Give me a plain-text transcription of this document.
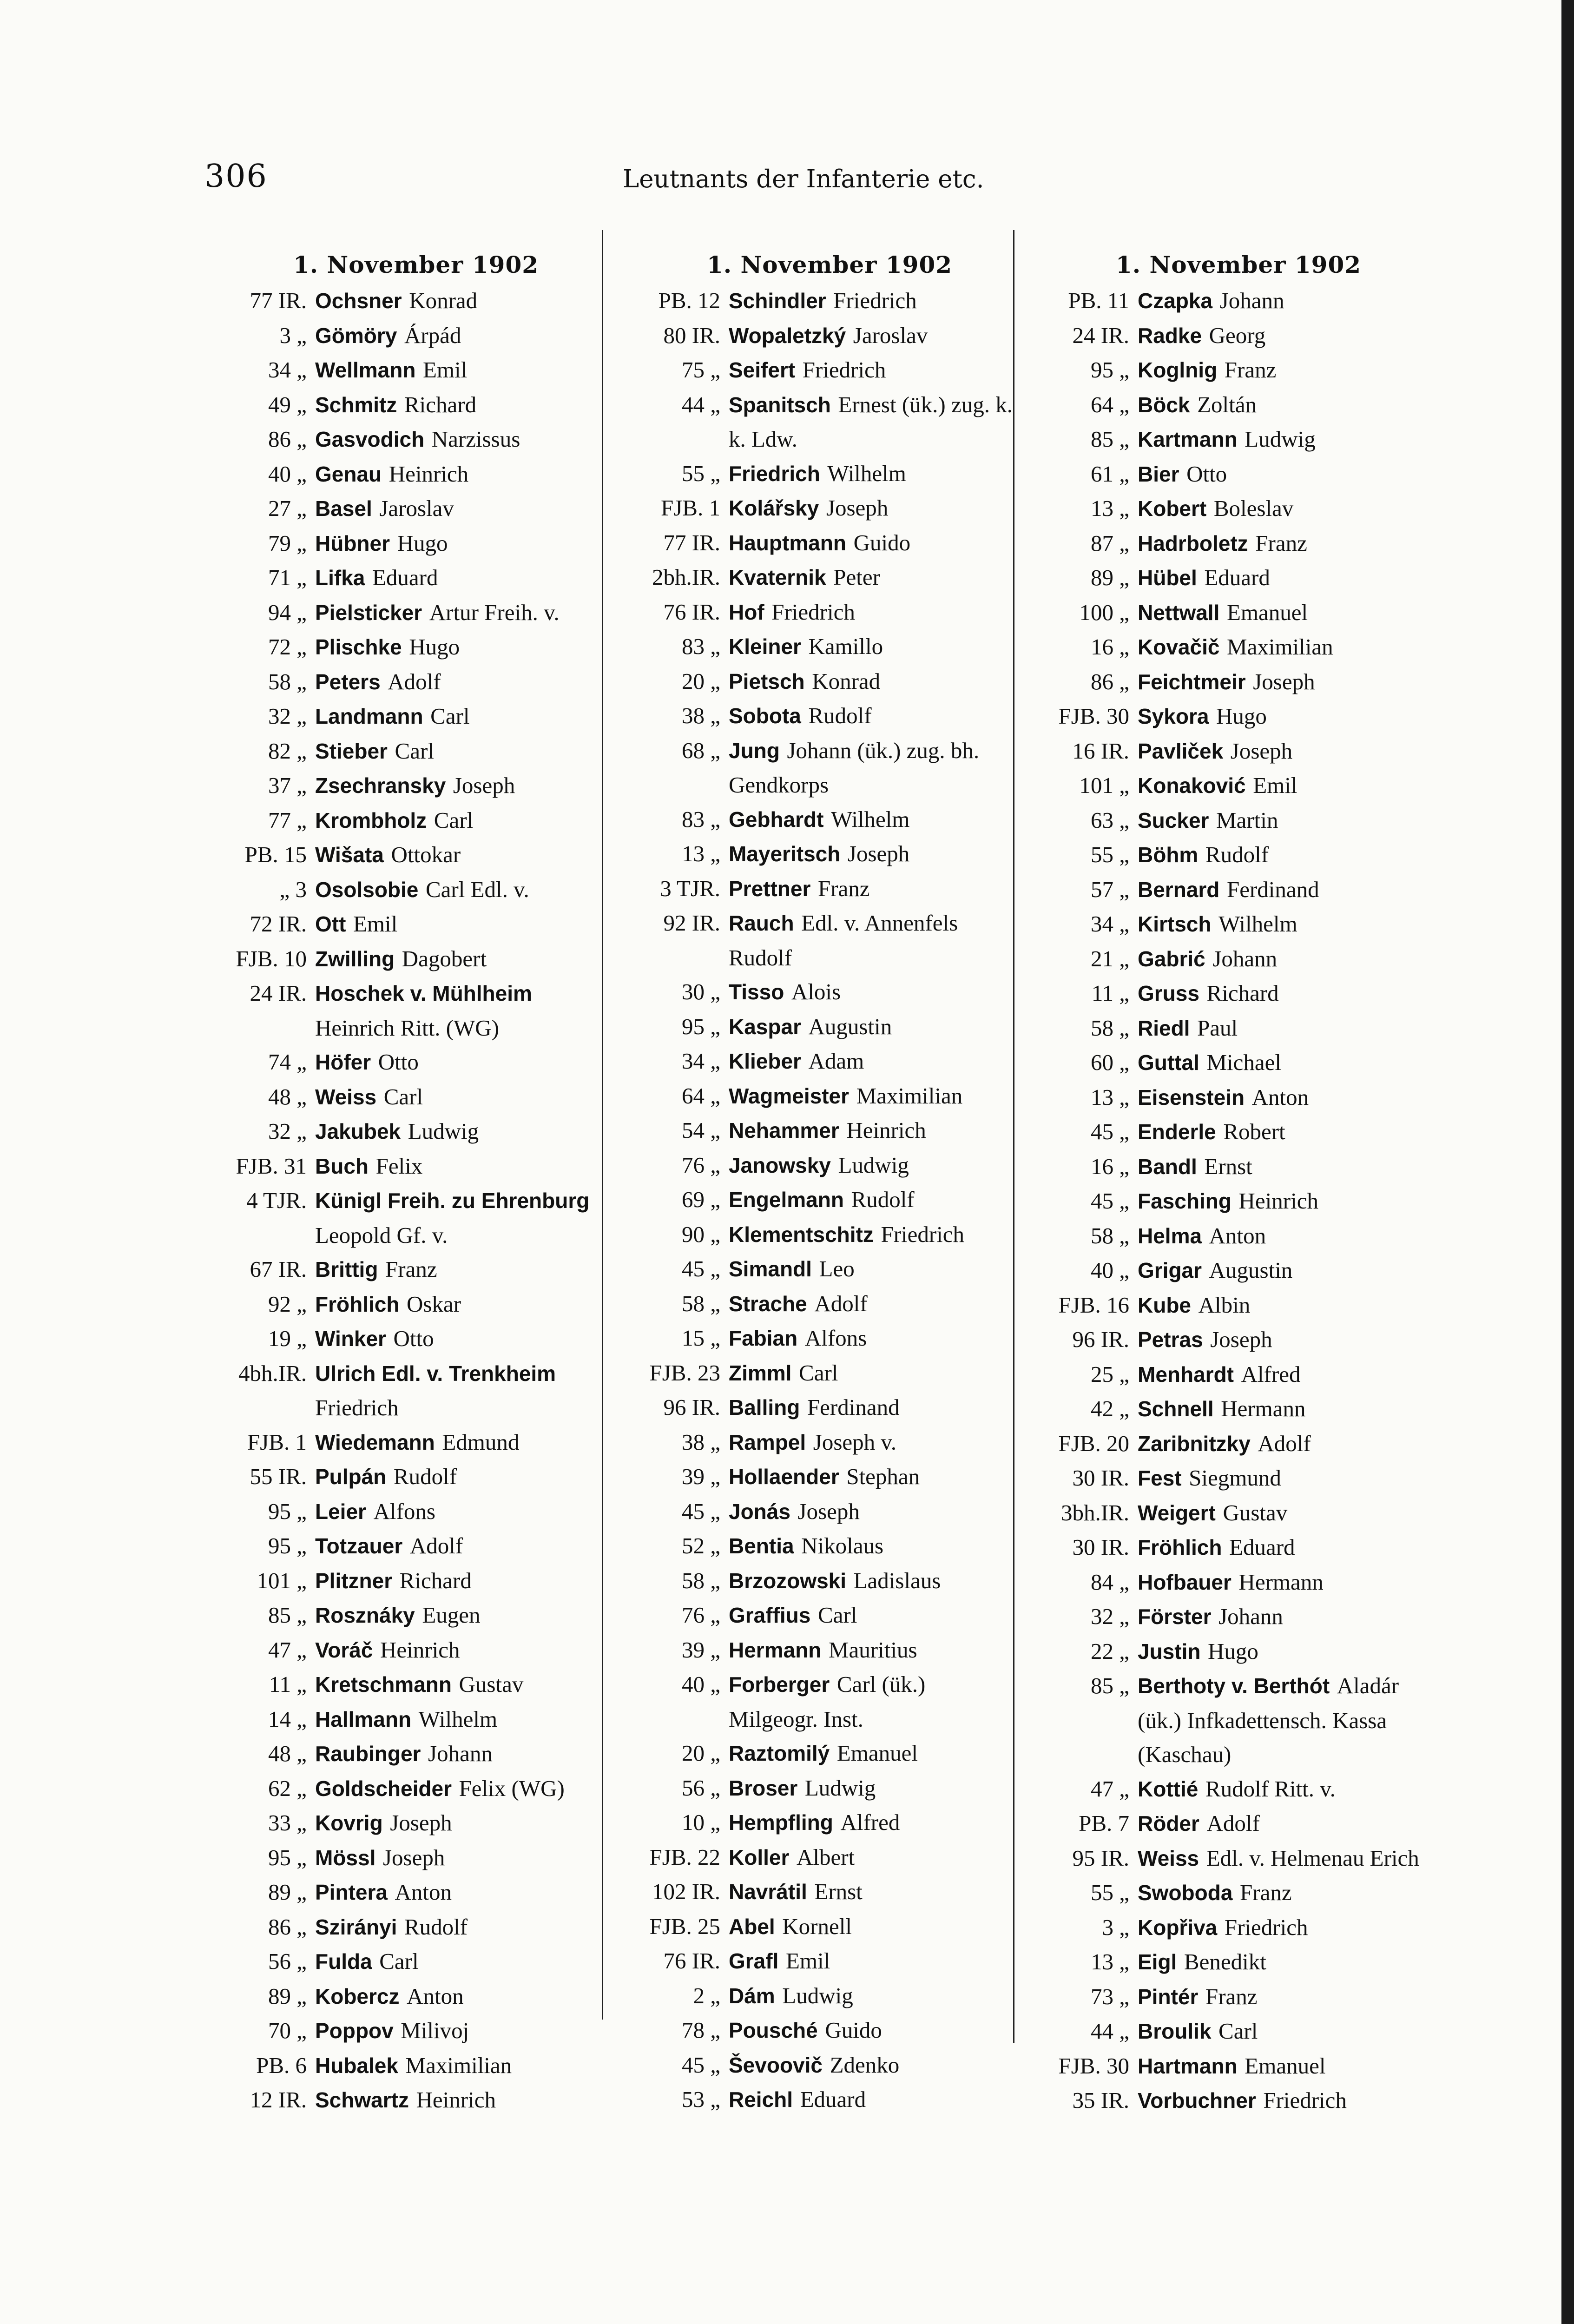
306	Leutnants der Infanterie etc.
1. November 1902
77 IR. Ochsner Konrad
3 „ Gömöry Árpád
34 „ Wellmann Emil
49 „ Schmitz Richard
86 „ Gasvodich Narzissus
40 „ Genau Heinrich
27 „ Basel Jaroslav
79 „ Hübner Hugo
71 „ Lifka Eduard
94 „ Pielsticker Artur Freih. v.
72 „ Plischke Hugo
58 „ Peters Adolf
32 „ Landmann Carl
82 „ Stieber Carl
37 „ Zsechransky Joseph
77 „ Krombholz Carl
PB. 15 Wišata Ottokar
„ 3 Osolsobie Carl Edl. v.
72 IR. Ott Emil
FJB. 10 Zwilling Dagobert
24 IR. Hoschek v. Mühlheim Heinrich Ritt. (WG)
74 „ Höfer Otto
48 „ Weiss Carl
32 „ Jakubek Ludwig
FJB. 31 Buch Felix
4 TJR. Künigl Freih. zu Ehrenburg Leopold Gf. v.
67 IR. Brittig Franz
92 „ Fröhlich Oskar
19 „ Winker Otto
4bh.IR. Ulrich Edl. v. Trenkheim Friedrich
FJB. 1 Wiedemann Edmund
55 IR. Pulpán Rudolf
95 „ Leier Alfons
95 „ Totzauer Adolf
101 „ Plitzner Richard
85 „ Rosznáky Eugen
47 „ Voráč Heinrich
11 „ Kretschmann Gustav
14 „ Hallmann Wilhelm
48 „ Raubinger Johann
62 „ Goldscheider Felix (WG)
33 „ Kovrig Joseph
95 „ Mössl Joseph
89 „ Pintera Anton
86 „ Szirányi Rudolf
56 „ Fulda Carl
89 „ Kobercz Anton
70 „ Poppov Milivoj
PB. 6 Hubalek Maximilian
12 IR. Schwartz Heinrich
1. November 1902
PB. 12 Schindler Friedrich
80 IR. Wopaletzký Jaroslav
75 „ Seifert Friedrich
44 „ Spanitsch Ernest (ük.) zug. k. k. Ldw.
55 „ Friedrich Wilhelm
FJB. 1 Kolářsky Joseph
77 IR. Hauptmann Guido
2bh.IR. Kvaternik Peter
76 IR. Hof Friedrich
83 „ Kleiner Kamillo
20 „ Pietsch Konrad
38 „ Sobota Rudolf
68 „ Jung Johann (ük.) zug. bh. Gendkorps
83 „ Gebhardt Wilhelm
13 „ Mayeritsch Joseph
3 TJR. Prettner Franz
92 IR. Rauch Edl. v. Annenfels Rudolf
30 „ Tisso Alois
95 „ Kaspar Augustin
34 „ Klieber Adam
64 „ Wagmeister Maximilian
54 „ Nehammer Heinrich
76 „ Janowsky Ludwig
69 „ Engelmann Rudolf
90 „ Klementschitz Friedrich
45 „ Simandl Leo
58 „ Strache Adolf
15 „ Fabian Alfons
FJB. 23 Zimml Carl
96 IR. Balling Ferdinand
38 „ Rampel Joseph v.
39 „ Hollaender Stephan
45 „ Jonás Joseph
52 „ Bentia Nikolaus
58 „ Brzozowski Ladislaus
76 „ Graffius Carl
39 „ Hermann Mauritius
40 „ Forberger Carl (ük.) Milgeogr. Inst.
20 „ Raztomilý Emanuel
56 „ Broser Ludwig
10 „ Hempfling Alfred
FJB. 22 Koller Albert
102 IR. Navrátil Ernst
FJB. 25 Abel Kornell
76 IR. Grafl Emil
2 „ Dám Ludwig
78 „ Pousché Guido
45 „ Ševoovič Zdenko
53 „ Reichl Eduard
1. November 1902
PB. 11 Czapka Johann
24 IR. Radke Georg
95 „ Koglnig Franz
64 „ Böck Zoltán
85 „ Kartmann Ludwig
61 „ Bier Otto
13 „ Kobert Boleslav
87 „ Hadrboletz Franz
89 „ Hübel Eduard
100 „ Nettwall Emanuel
16 „ Kovačič Maximilian
86 „ Feichtmeir Joseph
FJB. 30 Sykora Hugo
16 IR. Pavliček Joseph
101 „ Konaković Emil
63 „ Sucker Martin
55 „ Böhm Rudolf
57 „ Bernard Ferdinand
34 „ Kirtsch Wilhelm
21 „ Gabrić Johann
11 „ Gruss Richard
58 „ Riedl Paul
60 „ Guttal Michael
13 „ Eisenstein Anton
45 „ Enderle Robert
16 „ Bandl Ernst
45 „ Fasching Heinrich
58 „ Helma Anton
40 „ Grigar Augustin
FJB. 16 Kube Albin
96 IR. Petras Joseph
25 „ Menhardt Alfred
42 „ Schnell Hermann
FJB. 20 Zaribnitzky Adolf
30 IR. Fest Siegmund
3bh.IR. Weigert Gustav
30 IR. Fröhlich Eduard
84 „ Hofbauer Hermann
32 „ Förster Johann
22 „ Justin Hugo
85 „ Berthoty v. Berthót Aladár (ük.) Infkadettensch. Kassa (Kaschau)
47 „ Kottié Rudolf Ritt. v.
PB. 7 Röder Adolf
95 IR. Weiss Edl. v. Helmenau Erich
55 „ Swoboda Franz
3 „ Kopřiva Friedrich
13 „ Eigl Benedikt
73 „ Pintér Franz
44 „ Broulik Carl
FJB. 30 Hartmann Emanuel
35 IR. Vorbuchner Friedrich
